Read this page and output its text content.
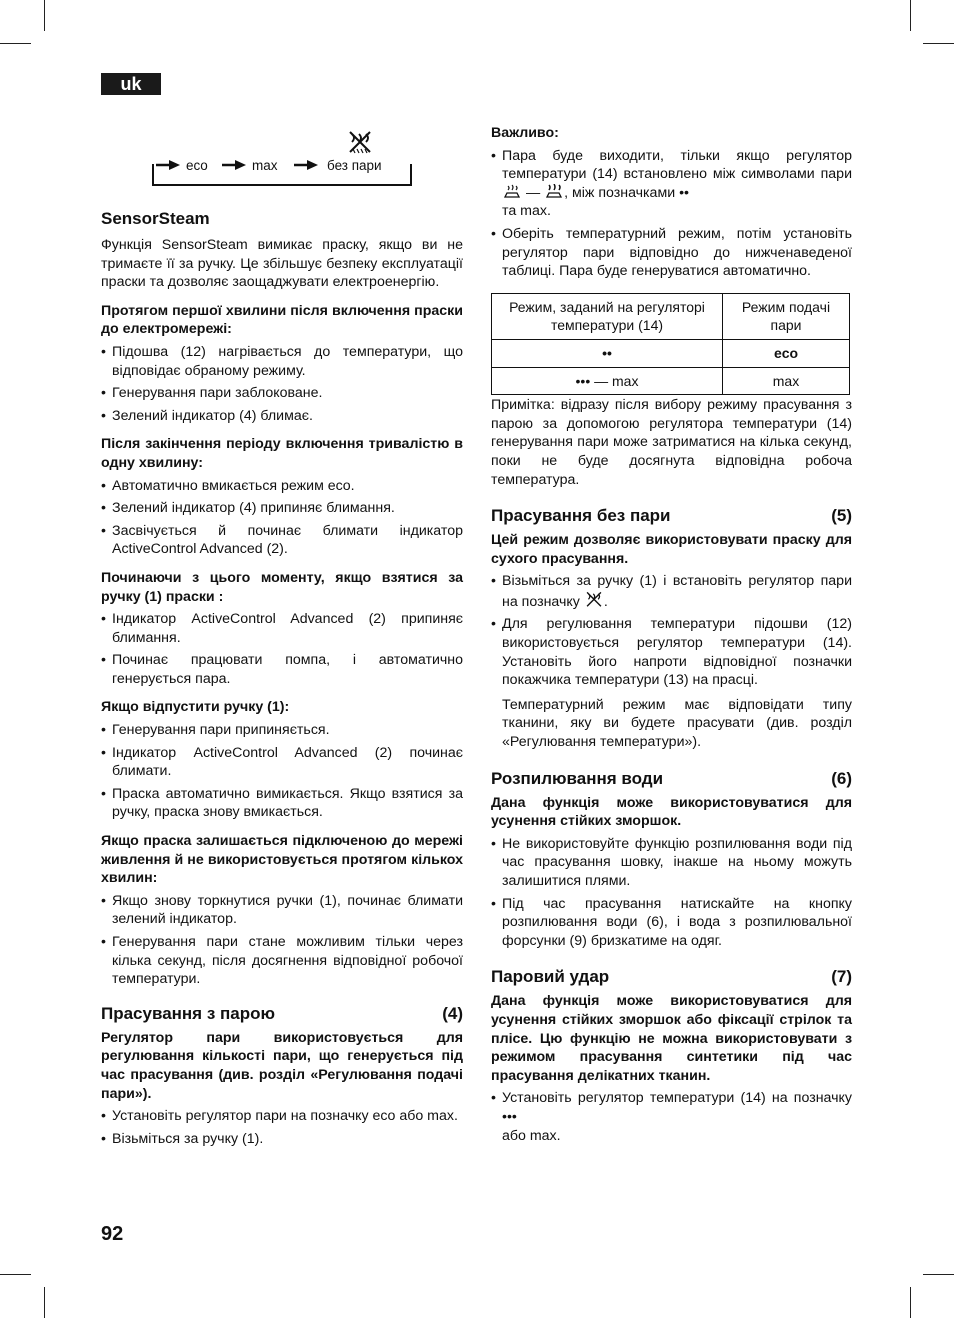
uk
eco	max	без пари

SensorSteam

Функція SensorSteam вимикає праску, якщо ви не тримаєте її за ручку. Це збільшує безпеку експлуатації праски та дозволяє заощаджувати електроенергію.

Протягом першої хвилини після включення праски до електромережі:

• Підошва (12) нагрівається до температури, що відповідає обраному режиму.
• Генерування пари заблоковане.
• Зелений індикатор (4) блимає.

Після закінчення періоду включення тривалістю в одну хвилину:

• Автоматично вмикається режим eco.
• Зелений індикатор (4) припиняє блимання.
• Засвічується й починає блимати індикатор ActiveControl Advanced (2).

Починаючи з цього моменту, якщо взятися за ручку (1) праски :

• Індикатор ActiveControl Advanced (2) припиняє блимання.
• Починає працювати помпа, і автоматично генерується пара.

Якщо відпустити ручку (1):

• Генерування пари припиняється.
• Індикатор ActiveControl Advanced (2) починає блимати.
• Праска автоматично вимикається. Якщо взятися за ручку, праска знову вмикається.

Якщо праска залишається підключеною до мережі живлення й не використовується протягом кількох хвилин:

• Якщо знову торкнутися ручки (1), починає блимати зелений індикатор.
• Генерування пари стане можливим тільки через кілька секунд, після досягнення відповідної робочої температури.

Прасування з парою	(4)

Регулятор пари використовується для регулювання кількості пари, що генерується під час прасування (див. розділ «Регулювання подачі пари»).

• Установіть регулятор пари на позначку eco або max.
• Візьміться за ручку (1).

Важливо:

• Пара буде виходити, тільки якщо регулятор температури (14) встановлено між символами пари  — , між позначками ••
та max.
• Оберіть температурний режим, потім установіть регулятор пари відповідно до нижченаведеної таблиці. Пара буде генеруватися автоматично.
Режим, заданий на регуляторі температури (14)	Режим подачі пари
••	eco
••• — max	max

Примітка: відразу після вибору режиму прасування з парою за допомогою регулятора температури (14) генерування пари може затриматися на кілька секунд, поки не буде досягнута відповідна робоча температура.

Прасування без пари	(5)

Цей режим дозволяє використовувати праску для сухого прасування.

• Візьміться за ручку (1) і встановіть регулятор пари на позначку .
• Для регулювання температури підошви (12) використовується регулятор температури (14). Установіть його напроти відповідної позначки покажчика температури (13) на прасці.

Температурний режим має відповідати типу тканини, яку ви будете прасувати (див. розділ «Регулювання температури»).

Розпилювання води	(6)

Дана функція може використовуватися для усунення стійких зморшок.

• Не використовуйте функцію розпилювання води під час прасування шовку, інакше на ньому можуть залишитися плями.
• Під час прасування натискайте на кнопку розпилювання води (6), і вода з розпилювальної форсунки (9) бризкатиме на одяг.

Паровий удар	(7)

Дана функція може використовуватися для усунення стійких зморшок або фіксації стрілок та плісе. Цю функцію не можна використовувати з режимом прасування синтетики під час прасування делікатних тканин.

• Установіть регулятор температури (14) на позначку •••
або max.
92
